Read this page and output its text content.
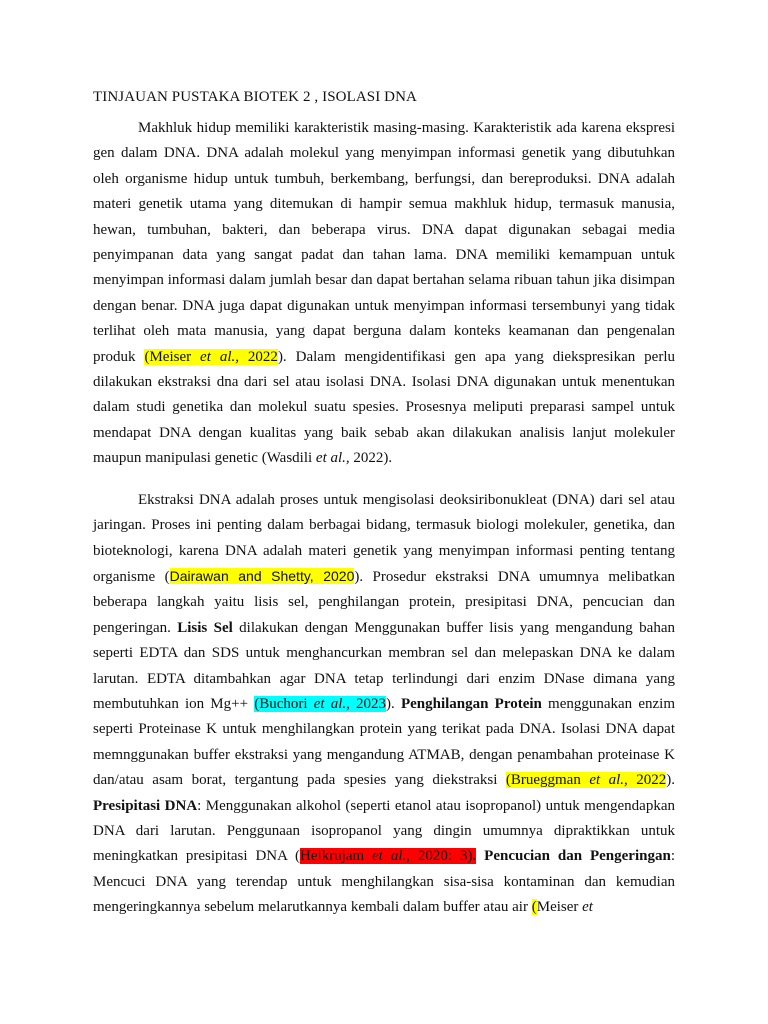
TINJAUAN PUSTAKA BIOTEK 2 , ISOLASI DNA

Makhluk hidup memiliki karakteristik masing-masing. Karakteristik ada karena ekspresi gen dalam DNA. DNA adalah molekul yang menyimpan informasi genetik yang dibutuhkan oleh organisme hidup untuk tumbuh, berkembang, berfungsi, dan bereproduksi. DNA adalah materi genetik utama yang ditemukan di hampir semua makhluk hidup, termasuk manusia, hewan, tumbuhan, bakteri, dan beberapa virus. DNA dapat digunakan sebagai media penyimpanan data yang sangat padat dan tahan lama. DNA memiliki kemampuan untuk menyimpan informasi dalam jumlah besar dan dapat bertahan selama ribuan tahun jika disimpan dengan benar. DNA juga dapat digunakan untuk menyimpan informasi tersembunyi yang tidak terlihat oleh mata manusia, yang dapat berguna dalam konteks keamanan dan pengenalan produk (Meiser et al., 2022). Dalam mengidentifikasi gen apa yang diekspresikan perlu dilakukan ekstraksi dna dari sel atau isolasi DNA. Isolasi DNA digunakan untuk menentukan dalam studi genetika dan molekul suatu spesies. Prosesnya meliputi preparasi sampel untuk mendapat DNA dengan kualitas yang baik sebab akan dilakukan analisis lanjut molekuler maupun manipulasi genetic (Wasdili et al., 2022).

Ekstraksi DNA adalah proses untuk mengisolasi deoksiribonukleat (DNA) dari sel atau jaringan. Proses ini penting dalam berbagai bidang, termasuk biologi molekuler, genetika, dan bioteknologi, karena DNA adalah materi genetik yang menyimpan informasi penting tentang organisme (Dairawan and Shetty, 2020). Prosedur ekstraksi DNA umumnya melibatkan beberapa langkah yaitu lisis sel, penghilangan protein, presipitasi DNA, pencucian dan pengeringan. Lisis Sel dilakukan dengan Menggunakan buffer lisis yang mengandung bahan seperti EDTA dan SDS untuk menghancurkan membran sel dan melepaskan DNA ke dalam larutan. EDTA ditambahkan agar DNA tetap terlindungi dari enzim DNase dimana yang membutuhkan ion Mg++ (Buchori et al., 2023). Penghilangan Protein menggunakan enzim seperti Proteinase K untuk menghilangkan protein yang terikat pada DNA. Isolasi DNA dapat memnggunakan buffer ekstraksi yang mengandung ATMAB, dengan penambahan proteinase K dan/atau asam borat, tergantung pada spesies yang diekstraksi (Brueggman et al., 2022). Presipitasi DNA: Menggunakan alkohol (seperti etanol atau isopropanol) untuk mengendapkan DNA dari larutan. Penggunaan isopropanol yang dingin umumnya dipraktikkan untuk meningkatkan presipitasi DNA (Heikrujam et al., 2020: 3). Pencucian dan Pengeringan: Mencuci DNA yang terendap untuk menghilangkan sisa-sisa kontaminan dan kemudian mengeringkannya sebelum melarutkannya kembali dalam buffer atau air (Meiser et
